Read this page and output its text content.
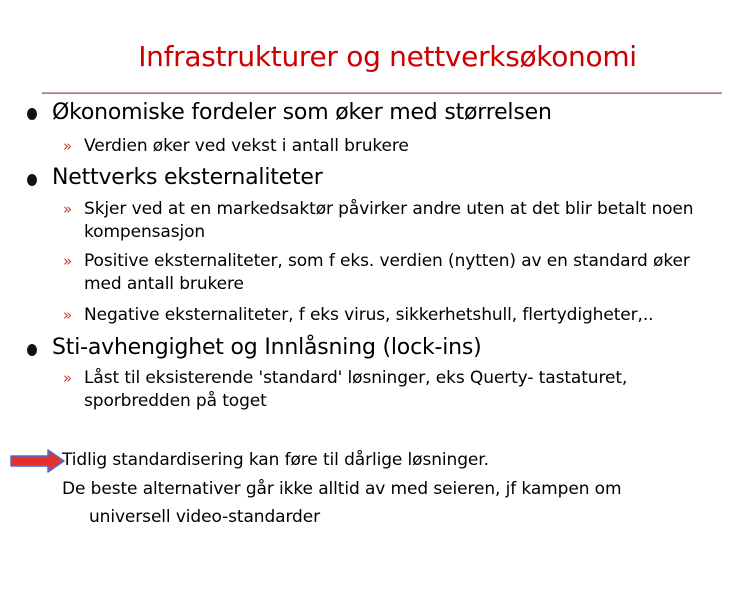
Infrastrukturer og nettverksøkonomi
Økonomiske fordeler som øker med størrelsen
» Verdien øker ved vekst i antall brukere
Nettverks eksternaliteter
» Skjer ved at en markedsaktør påvirker andre uten at det blir betalt noen kompensasjon
» Positive eksternaliteter, som f eks. verdien (nytten) av en standard øker med antall brukere
» Negative eksternaliteter, f eks virus, sikkerhetshull, flertydigheter,..
Sti-avhengighet og Innlåsning (lock-ins)
» Låst til eksisterende 'standard' løsninger, eks Querty- tastaturet, sporbredden på toget
Tidlig standardisering kan føre til dårlige løsninger.
De beste alternativer går ikke alltid av med seieren, jf kampen om
universell video-standarder
